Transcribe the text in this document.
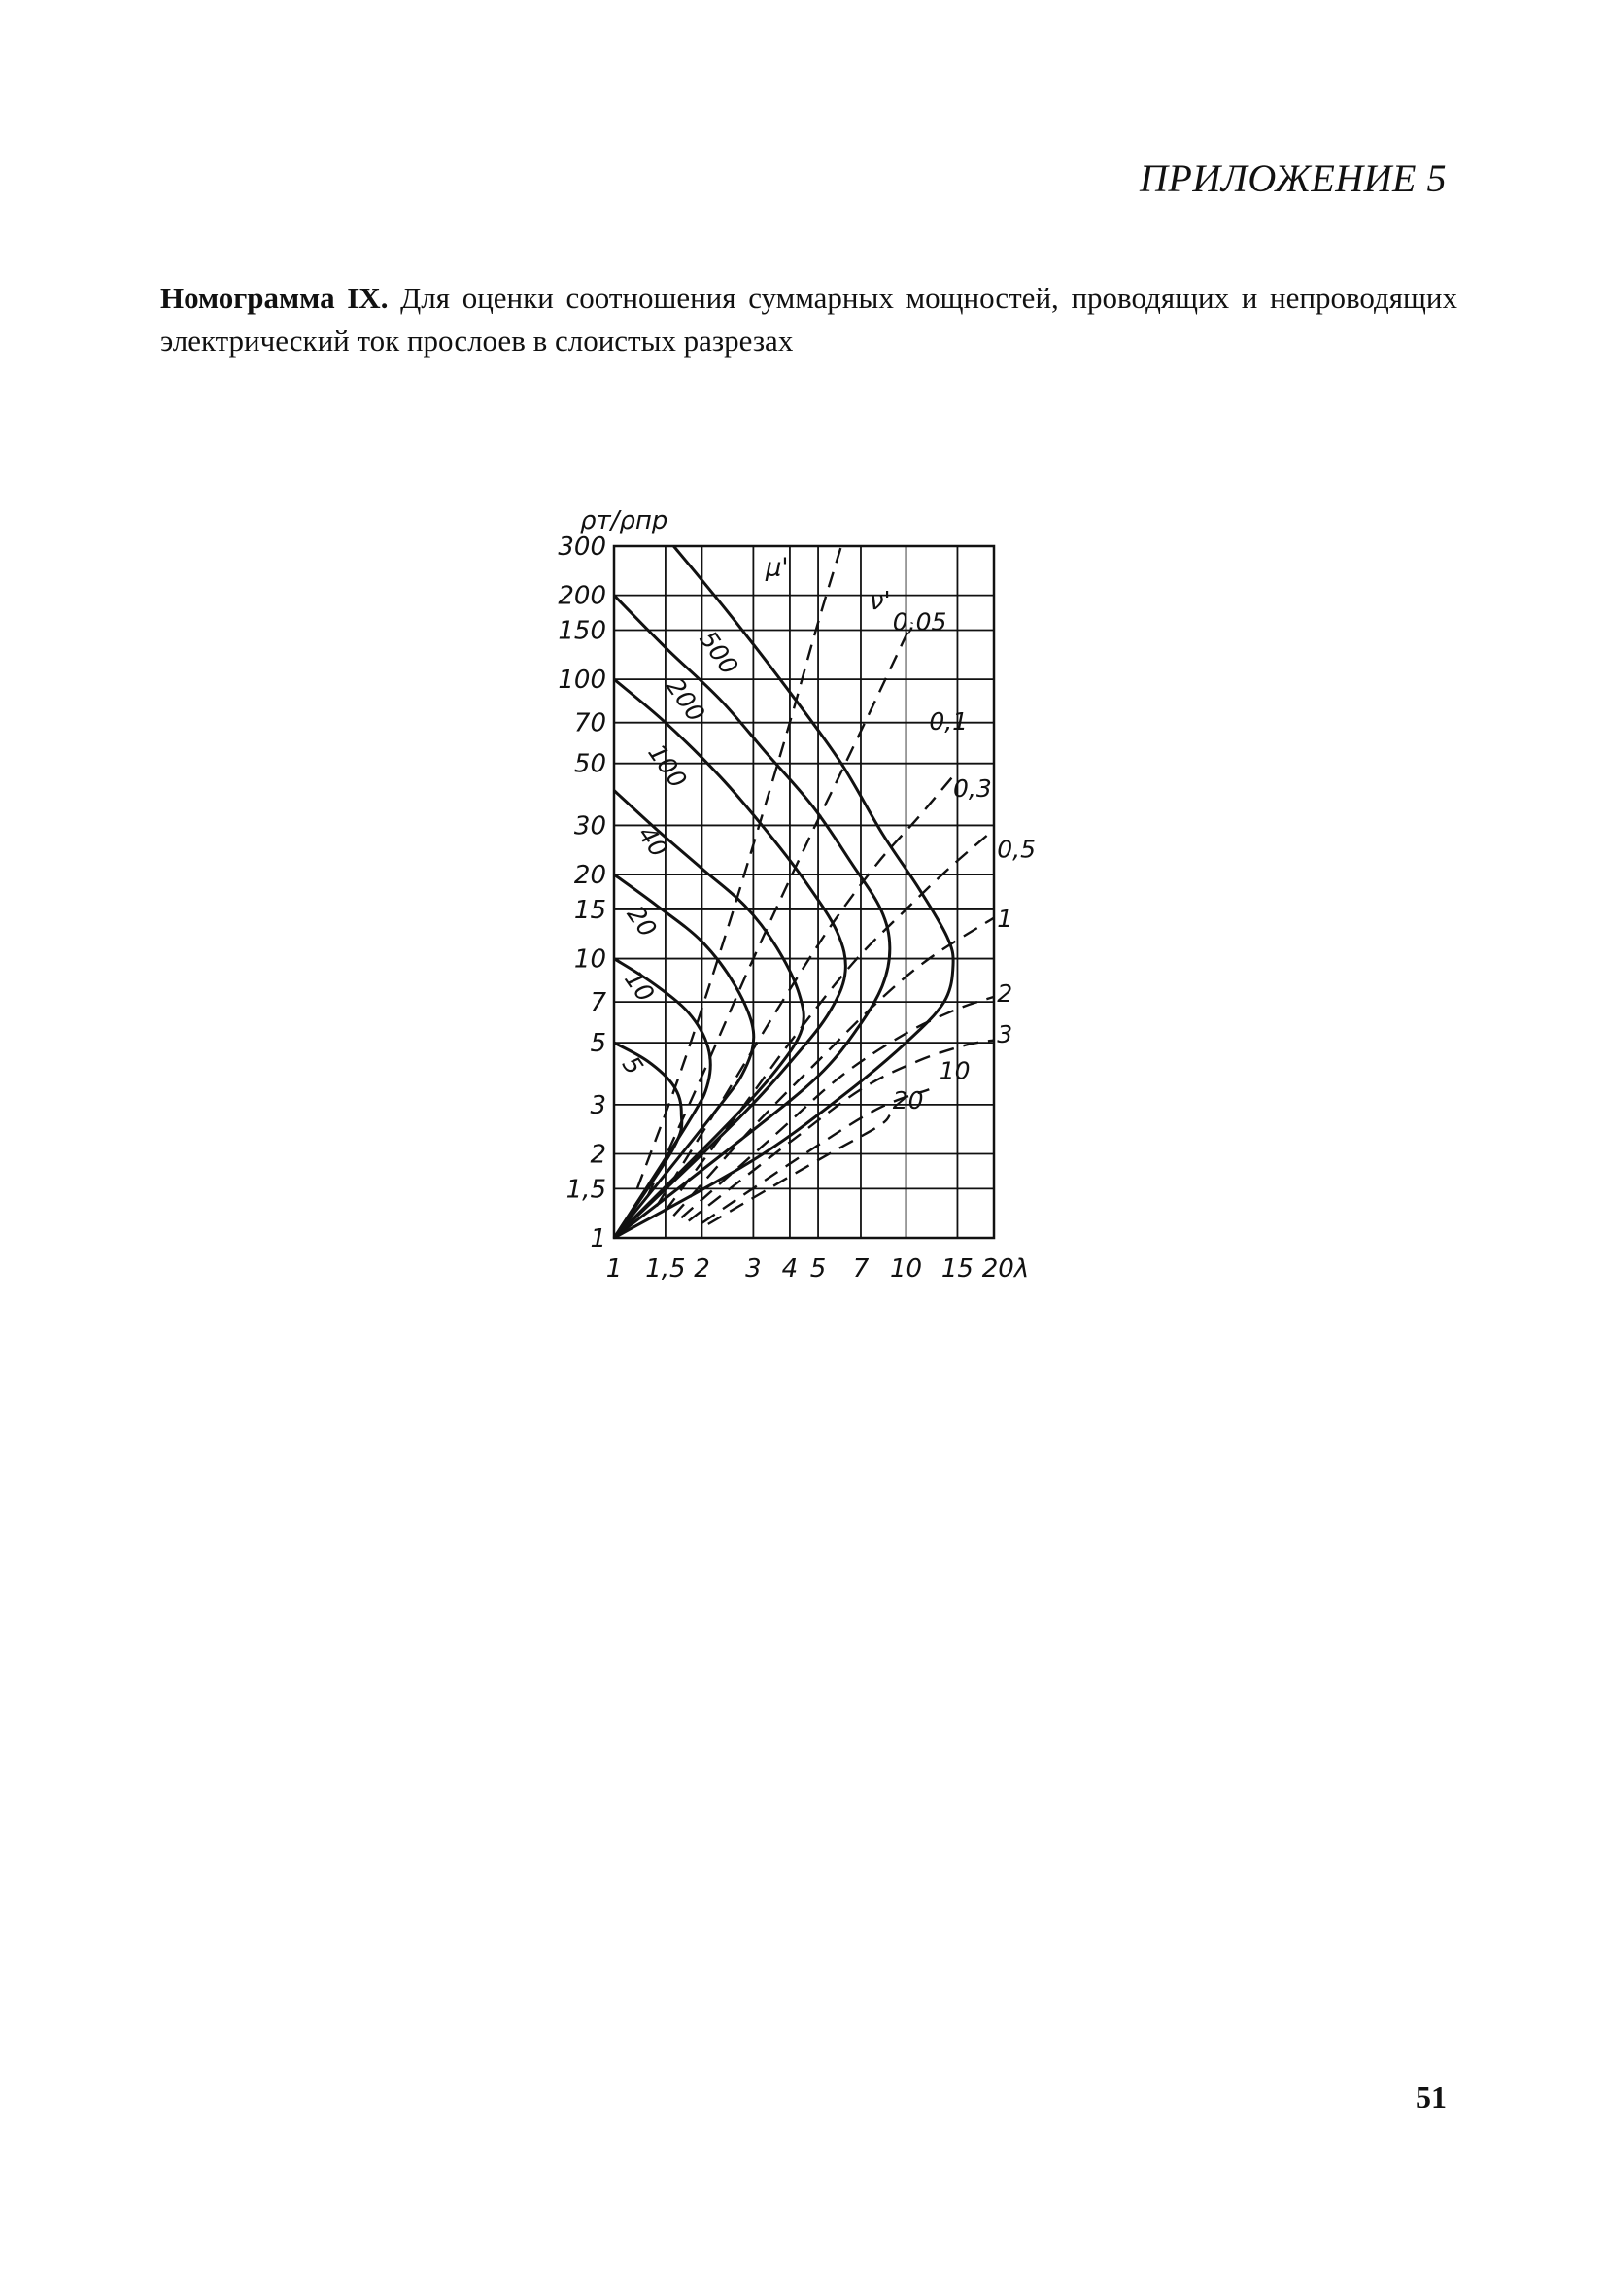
ПРИЛОЖЕНИЕ 5
Номограмма IX. Для оценки соотношения суммарных мощностей, проводящих и непроводящих электрический ток прослоев в слоистых разрезах
1 1,5 2 3 4 5 7 10 15 20λ
1
1,5
2
3
5
7
10
15
20
30
50
70
100
150
200
300
ρт/ρпр
500
200
100
40
20
10
5
0,05
0,1
0,3
0,5
1
2
3
10
20
μ'
ν'
51
